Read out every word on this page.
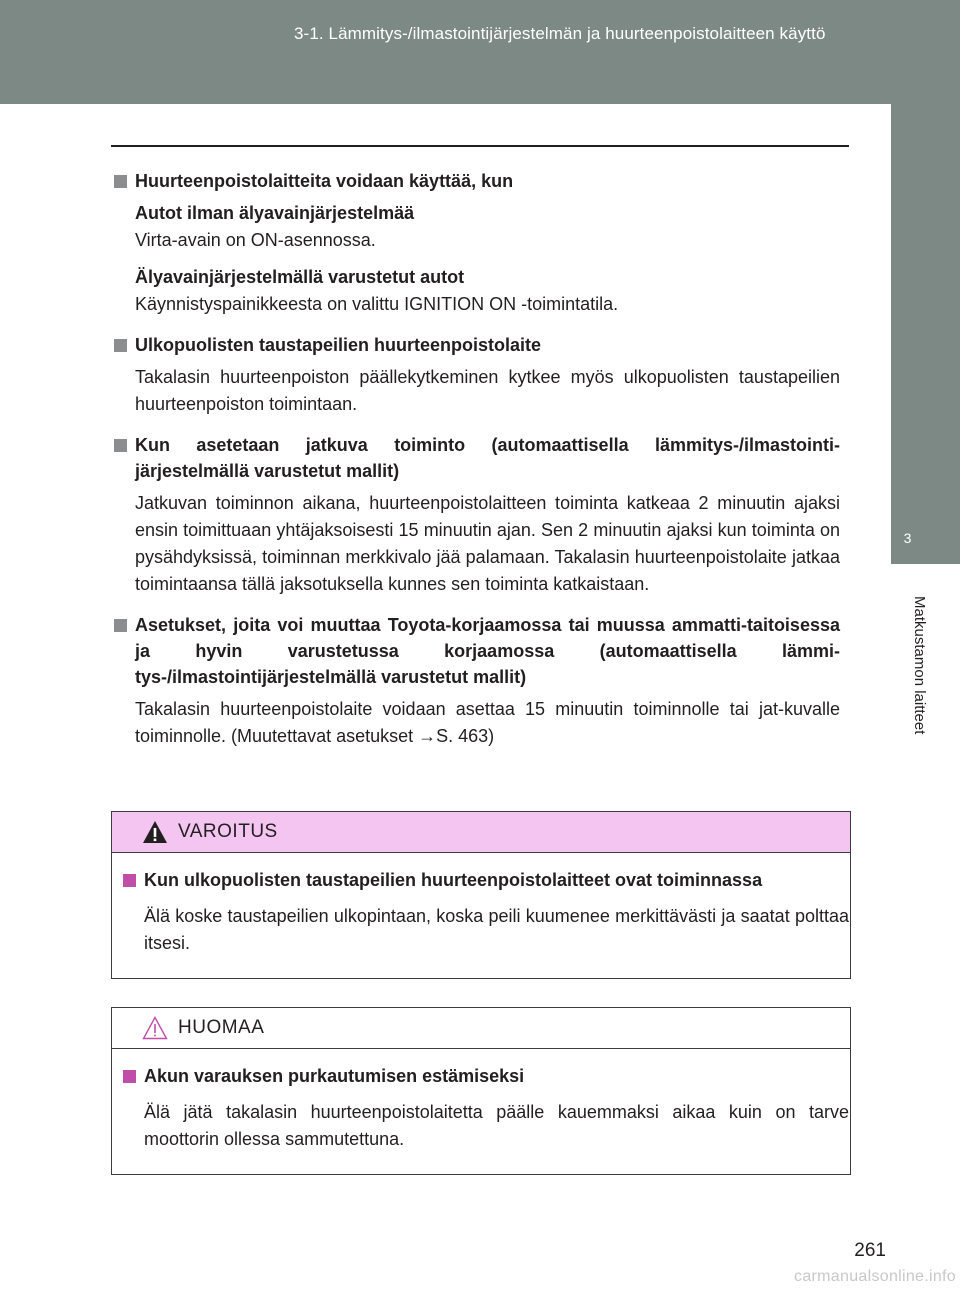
3-1. Lämmitys-/ilmastointijärjestelmän ja huurteenpoistolaitteen käyttö
3
Matkustamon laitteet
Huurteenpoistolaitteita voidaan käyttää, kun
Autot ilman älyavainjärjestelmää
Virta-avain on ON-asennossa.
Älyavainjärjestelmällä varustetut autot
Käynnistyspainikkeesta on valittu IGNITION ON -toimintatila.
Ulkopuolisten taustapeilien huurteenpoistolaite
Takalasin huurteenpoiston päällekytkeminen kytkee myös ulkopuolisten taustapeilien huurteenpoiston toimintaan.
Kun asetetaan jatkuva toiminto (automaattisella lämmitys-/ilmastointi-järjestelmällä varustetut mallit)
Jatkuvan toiminnon aikana, huurteenpoistolaitteen toiminta katkeaa 2 minuutin ajaksi ensin toimittuaan yhtäjaksoisesti 15 minuutin ajan. Sen 2 minuutin ajaksi kun toiminta on pysähdyksissä, toiminnan merkkivalo jää palamaan. Takalasin huurteenpoistolaite jatkaa toimintaansa tällä jaksotuksella kunnes sen toiminta katkaistaan.
Asetukset, joita voi muuttaa Toyota-korjaamossa tai muussa ammatti-taitoisessa ja hyvin varustetussa korjaamossa (automaattisella lämmi-tys-/ilmastointijärjestelmällä varustetut mallit)
Takalasin huurteenpoistolaite voidaan asettaa 15 minuutin toiminnolle tai jat-kuvalle toiminnolle. (Muutettavat asetukset →S. 463)
VAROITUS
Kun ulkopuolisten taustapeilien huurteenpoistolaitteet ovat toiminnassa
Älä koske taustapeilien ulkopintaan, koska peili kuumenee merkittävästi ja saatat polttaa itsesi.
HUOMAA
Akun varauksen purkautumisen estämiseksi
Älä jätä takalasin huurteenpoistolaitetta päälle kauemmaksi aikaa kuin on tarve moottorin ollessa sammutettuna.
261
carmanualsonline.info
